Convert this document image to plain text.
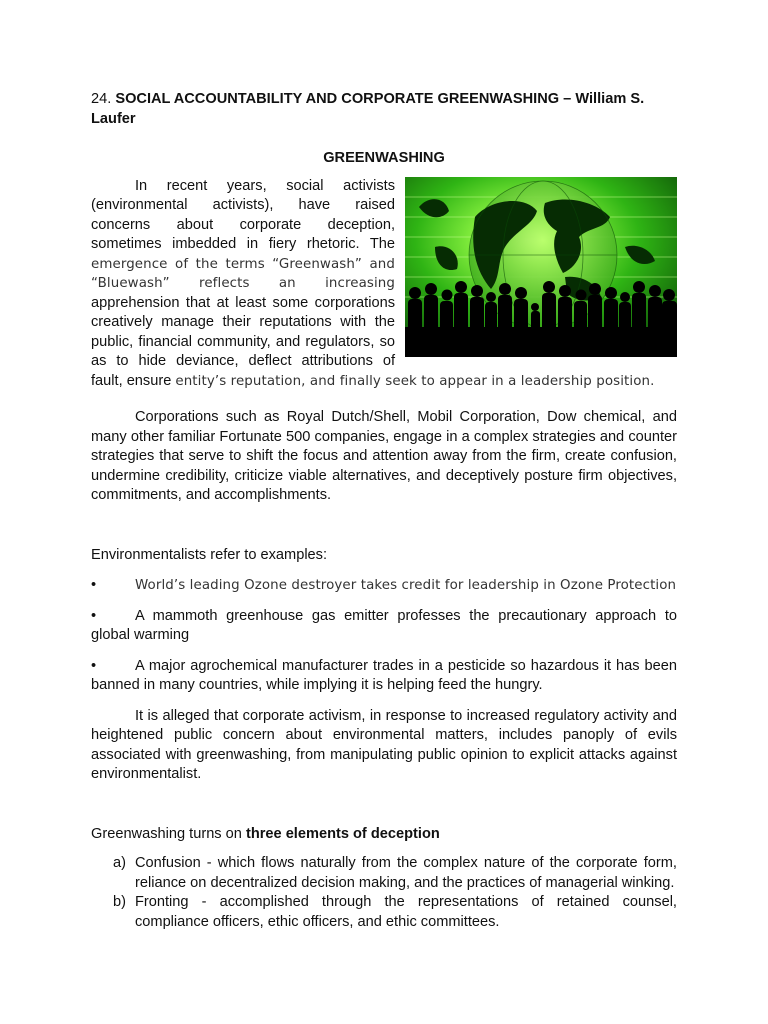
24. SOCIAL ACCOUNTABILITY AND CORPORATE GREENWASHING – William S. Laufer

GREENWASHING

In recent years, social activists (environmental activists), have raised concerns about corporate deception, sometimes imbedded in fiery rhetoric. The emergence of the terms “Greenwash” and “Bluewash” reflects an increasing apprehension that at least some corporations creatively manage their reputations with the public, financial community, and regulators, so as to hide deviance, deflect attributions of fault, ensure entity’s reputation, and finally seek to appear in a leadership position.

Corporations such as Royal Dutch/Shell, Mobil Corporation, Dow chemical, and many other familiar Fortunate 500 companies, engage in a complex strategies and counter strategies that serve to shift the focus and attention away from the firm, create confusion, undermine credibility, criticize viable alternatives, and deceptively posture firm objectives, commitments, and accomplishments.

Environmentalists refer to examples:

•	World’s leading Ozone destroyer takes credit for leadership in Ozone Protection

•	A mammoth greenhouse gas emitter professes the precautionary approach to global warming

•	A major agrochemical manufacturer trades in a pesticide so hazardous it has been banned in many countries, while implying it is helping feed the hungry.

It is alleged that corporate activism, in response to increased regulatory activity and heightened public concern about environmental matters, includes panoply of evils associated with greenwashing, from manipulating public opinion to explicit attacks against environmentalist.

Greenwashing turns on three elements of deception

a) Confusion - which flows naturally from the complex nature of the corporate form, reliance on decentralized decision making, and the practices of managerial winking.
b) Fronting - accomplished through the representations of retained counsel, compliance officers, ethic officers, and ethic committees.
